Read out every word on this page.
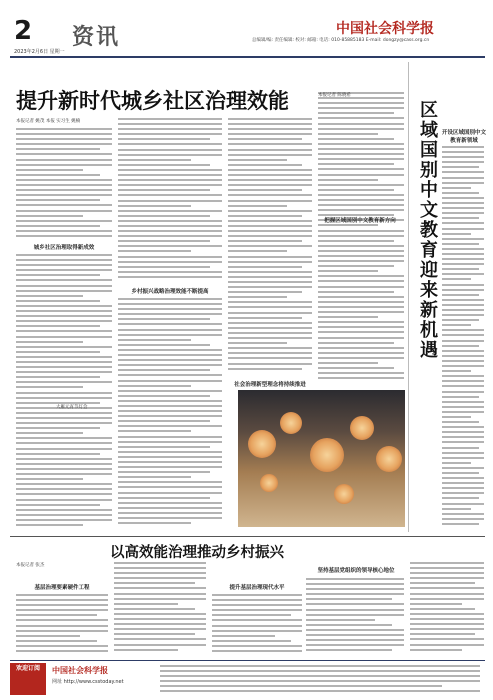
2 资讯
2023年2月6日 星期一
中国社会科学报
总编辑/编: 责任编辑: 校对: 邮箱: 电话: 010-85885183 E-mail: dongzy@cass.org.cn
提升新时代城乡社区治理效能
本报记者 姚茂 本报 实习生 姚楠
城乡社区治理取得新成效
乡村振兴战略治理效能不断提高
社会治理新型理念将持续推进
区域国别中文教育迎来新机遇
本报记者 陈晓希
开设区域国别中文教育新领域
把握区域国别中文教育新方向
大雁元宵节灯会
以高效能治理推动乡村振兴
本报记者 张杰
基层治理要素硬件工程	提升基层治理现代水平
坚持基层党组织的领导核心地位
欢迎订阅	中国社会科学报
网址 http://www.csstoday.net
